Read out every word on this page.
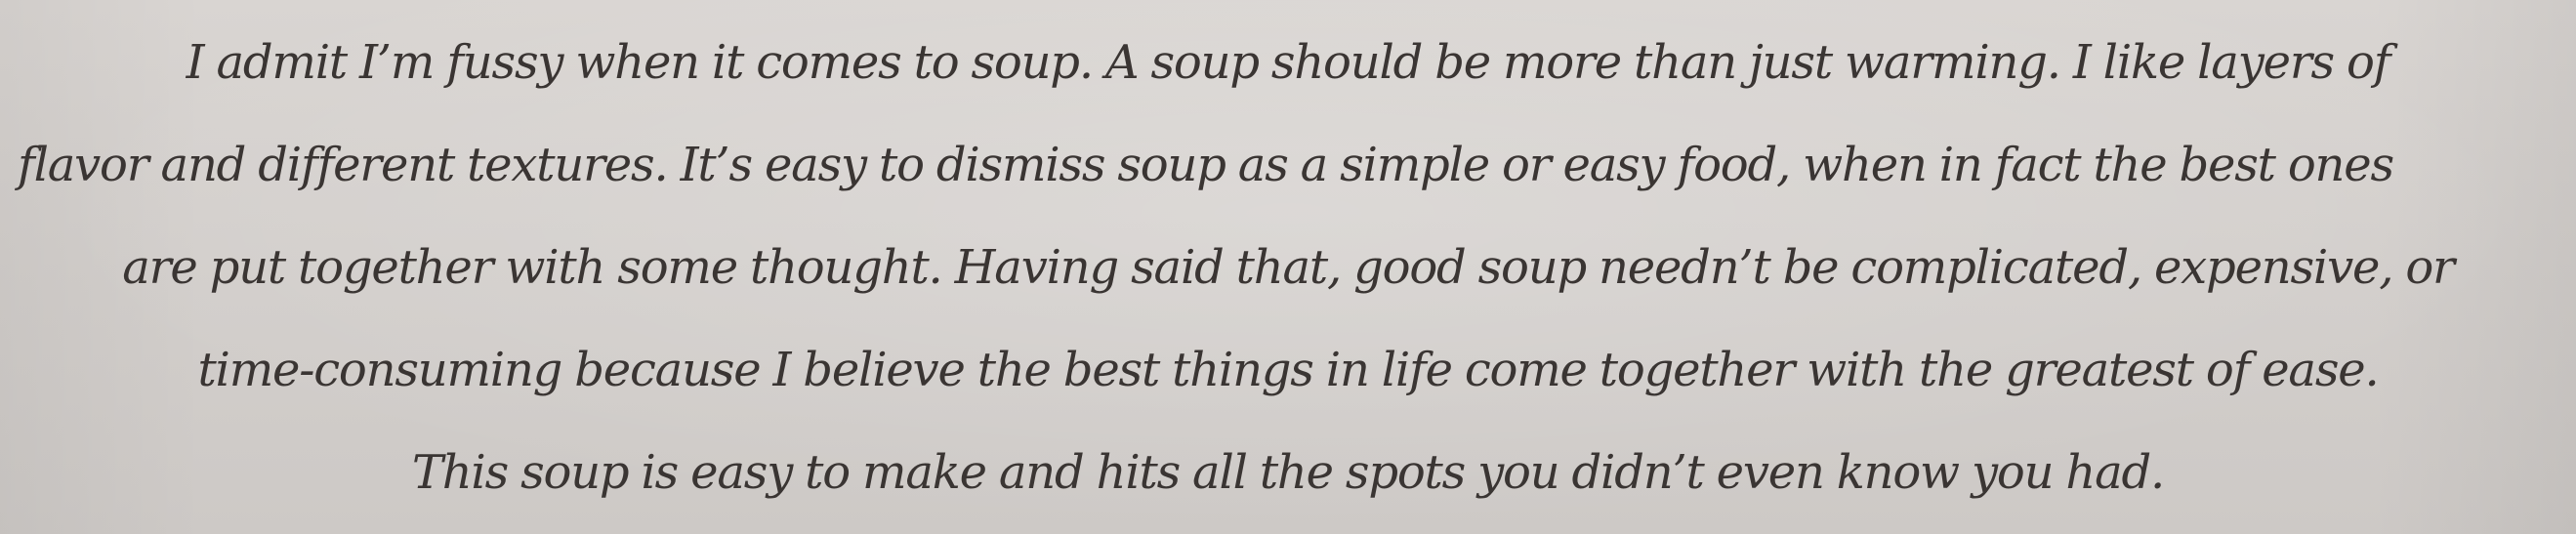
I admit I’m fussy when it comes to soup. A soup should be more than just warming. I like layers of
flavor and different textures. It’s easy to dismiss soup as a simple or easy food, when in fact the best ones
are put together with some thought. Having said that, good soup needn’t be complicated, expensive, or
time-consuming because I believe the best things in life come together with the greatest of ease.
This soup is easy to make and hits all the spots you didn’t even know you had.
